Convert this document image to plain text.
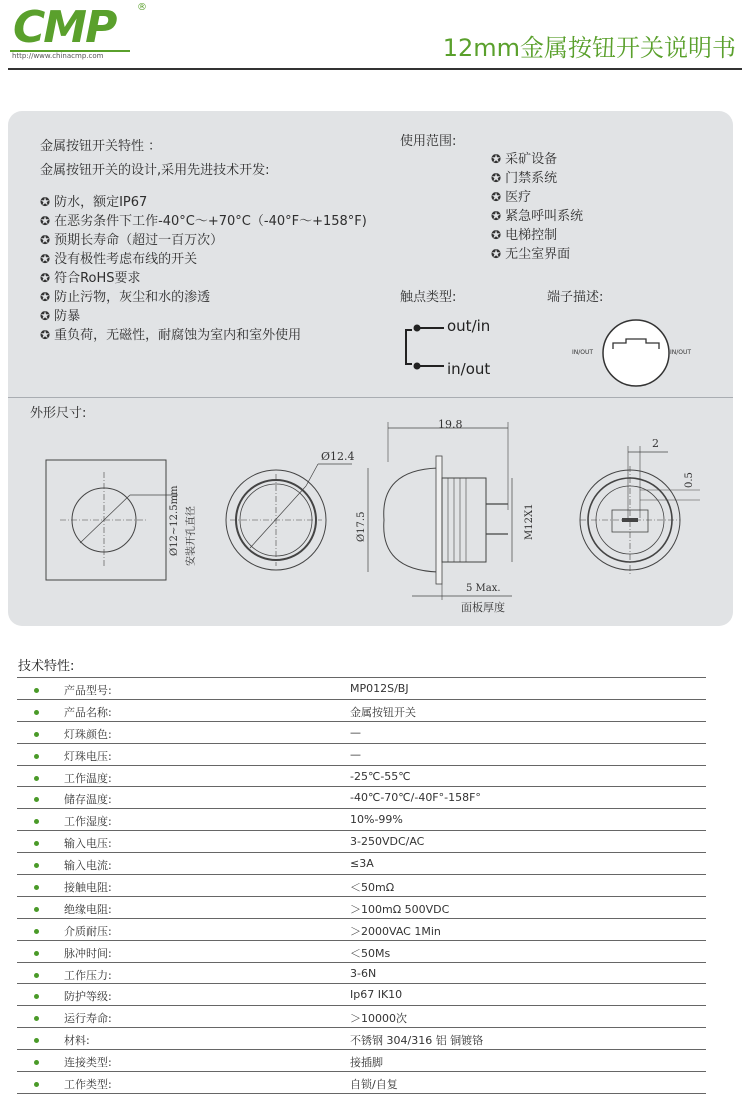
CMP ®
http://www.chinacmp.com	12mm金属按钮开关说明书
金属按钮开关特性 ：
金属按钮开关的设计,采用先进技术开发:
✪ 防水，额定IP67
✪ 在恶劣条件下工作-40°C～+70°C（-40°F～+158°F)
✪ 预期长寿命（超过一百万次）
✪ 没有极性考虑布线的开关
✪ 符合RoHS要求
✪ 防止污物，灰尘和水的渗透
✪ 防暴
✪ 重负荷，无磁性，耐腐蚀为室内和室外使用
使用范围:
✪ 采矿设备
✪ 门禁系统
✪ 医疗
✪ 紧急呼叫系统
✪ 电梯控制
✪ 无尘室界面
触点类型:	端子描述:
out/in
in/out
IN/OUT	IN/OUT
外形尺寸:
Ø12.4
19.8
5 Max.
面板厚度
2
Ø12~12.5mm 安装开孔直径	Ø17.5	M12X1
0.5
技术特性:
产品型号:	MP012S/BJ
产品名称:	金属按钮开关
灯珠颜色:	—
灯珠电压:	—
工作温度:	-25℃-55℃
储存温度:	-40℃-70℃/-40F°-158F°
工作湿度:	10%-99%
输入电压:	3-250VDC/AC
输入电流:	≤3A
接触电阻:	＜50mΩ
绝缘电阻:	＞100mΩ 500VDC
介质耐压:	＞2000VAC 1Min
脉冲时间:	＜50Ms
工作压力:	3-6N
防护等级:	Ip67 IK10
运行寿命:	＞10000次
材料:	不锈钢 304/316 铝 铜镀铬
连接类型:	接插脚
工作类型:	自锁/自复
